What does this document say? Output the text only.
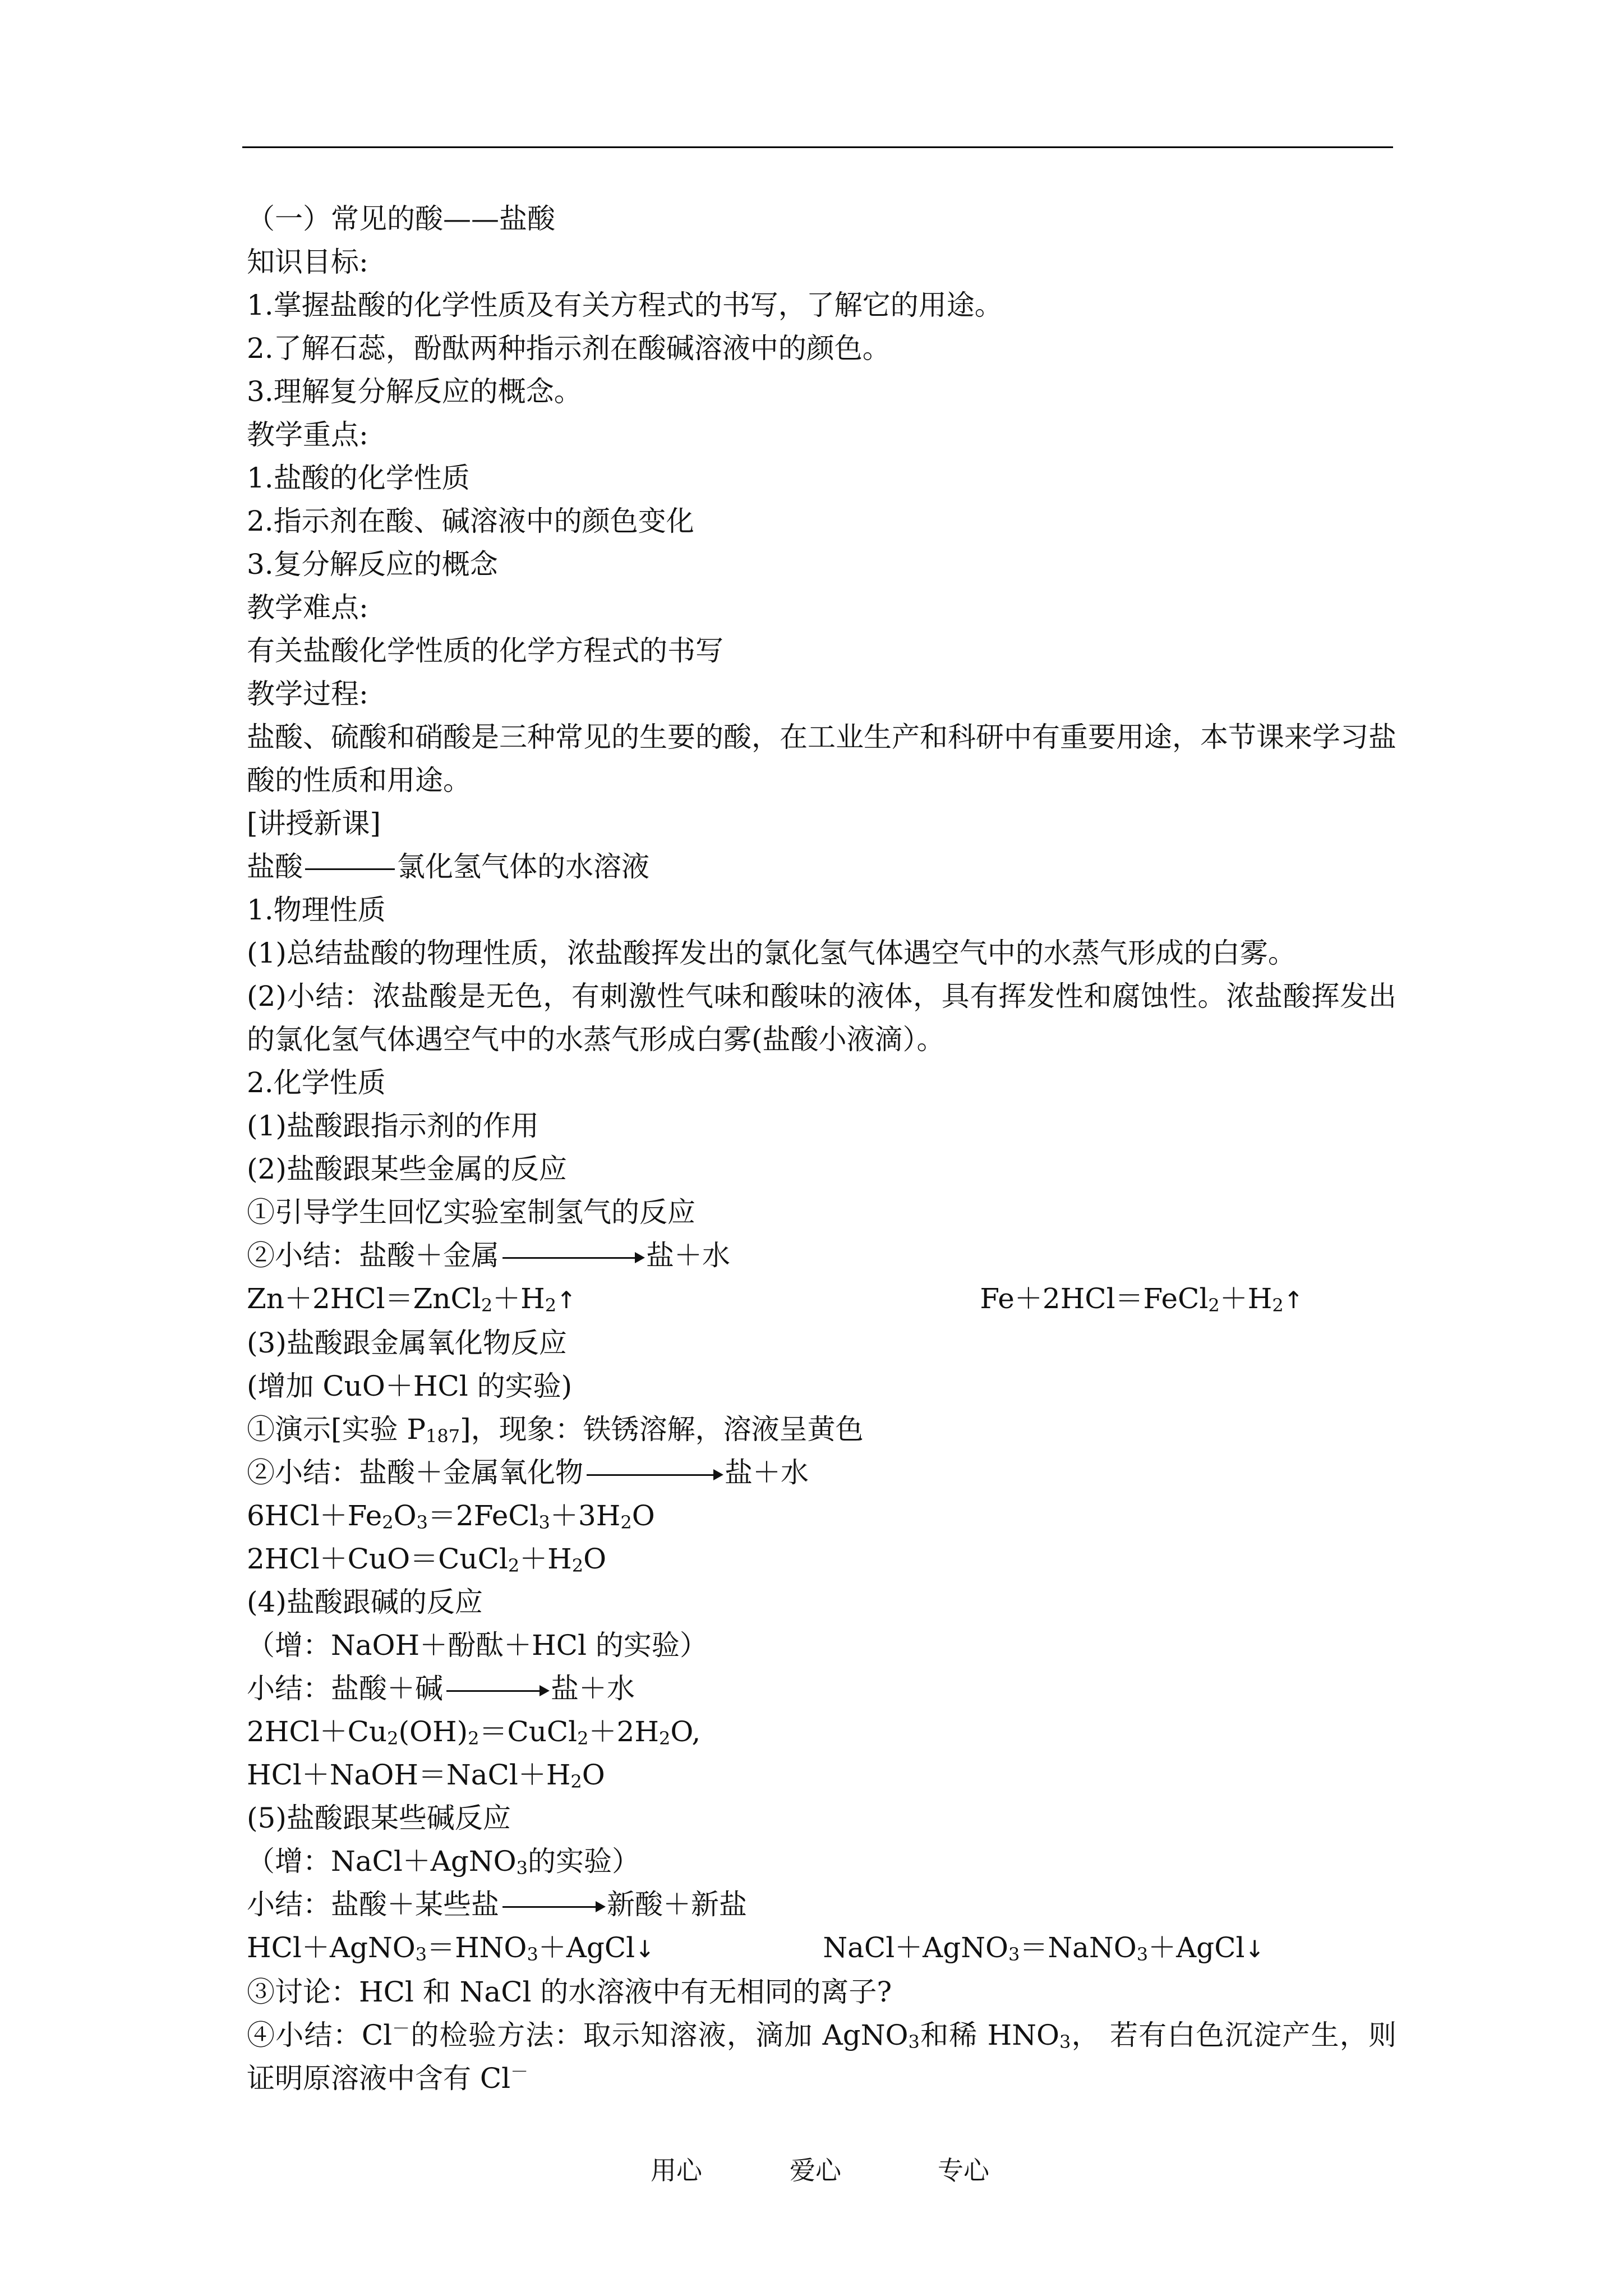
（一）常见的酸——盐酸
知识目标:
1.掌握盐酸的化学性质及有关方程式的书写，了解它的用途。
2.了解石蕊，酚酞两种指示剂在酸碱溶液中的颜色。
3.理解复分解反应的概念。
教学重点:
1.盐酸的化学性质
2.指示剂在酸、碱溶液中的颜色变化
3.复分解反应的概念
教学难点:
有关盐酸化学性质的化学方程式的书写
教学过程:
盐酸、硫酸和硝酸是三种常见的生要的酸，在工业生产和科研中有重要用途，本节课来学习盐酸的性质和用途。
[讲授新课]
盐酸	氯化氢气体的水溶液
1.物理性质
(1)总结盐酸的物理性质，浓盐酸挥发出的氯化氢气体遇空气中的水蒸气形成的白雾。
(2)小结：浓盐酸是无色，有刺激性气味和酸味的液体，具有挥发性和腐蚀性。浓盐酸挥发出的氯化氢气体遇空气中的水蒸气形成白雾(盐酸小液滴）。
2.化学性质
(1)盐酸跟指示剂的作用
(2)盐酸跟某些金属的反应
①引导学生回忆实验室制氢气的反应
②小结：盐酸＋金属	盐＋水
$Zn+2HCl=ZnCl_2+H_2↑$	$Fe+2HCl=FeCl_2+H_2↑$
(3)盐酸跟金属氧化物反应
(增加 CuO＋HCl 的实验)
①演示[实验 $P_{187}$]，现象：铁锈溶解，溶液呈黄色
②小结：盐酸＋金属氧化物	盐＋水
$6HCl+Fe_2O_3=2FeCl_3+3H_2O$
$2HCl+CuO=CuCl_2+H_2O$
(4)盐酸跟碱的反应
（增：NaOH＋酚酞＋HCl 的实验）
小结：盐酸＋碱	盐＋水
$2HCl+Cu_2(OH)_2=CuCl_2+2H_2O$,
$HCl+NaOH=NaCl+H_2O$
(5)盐酸跟某些碱反应
（增：NaCl＋AgNO$_3$的实验）
小结：盐酸＋某些盐	新酸＋新盐
$HCl+AgNO_3=HNO_3+AgCl↓$	NaCl＋AgNO$_3$＝NaNO$_3$＋AgCl↓
③讨论：HCl 和 NaCl 的水溶液中有无相同的离子?
④小结：Cl－的检验方法：取示知溶液，滴加 AgNO$_3$和稀 $HNO_3$， 若有白色沉淀产生，则证明原溶液中含有 Cl－
用心	爱心	专心
